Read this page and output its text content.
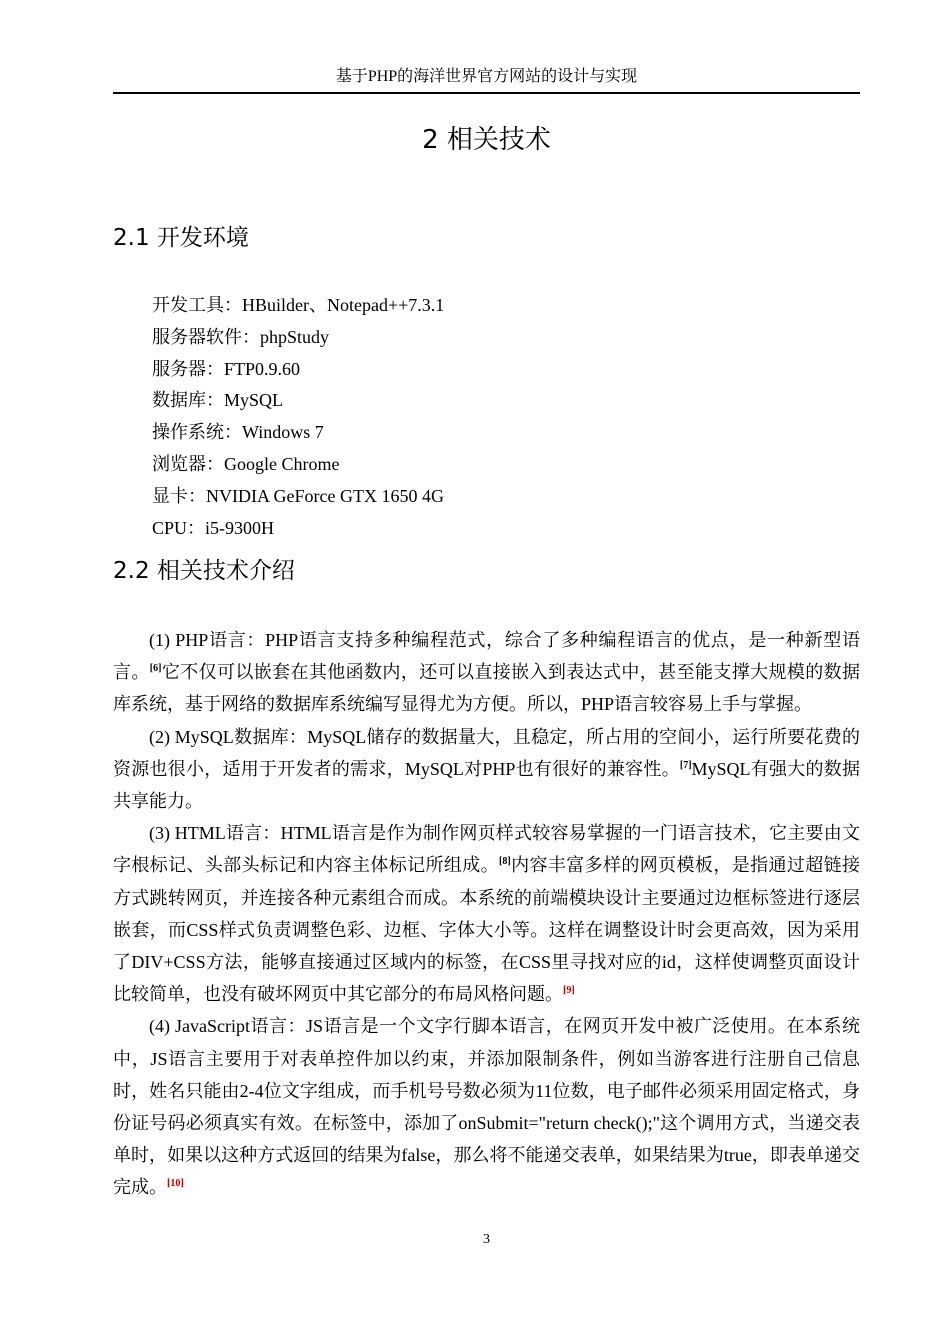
基于PHP的海洋世界官方网站的设计与实现
2 相关技术
2.1 开发环境
开发工具：HBuilder、Notepad++7.3.1
服务器软件：phpStudy
服务器：FTP0.9.60
数据库：MySQL
操作系统：Windows 7
浏览器：Google Chrome
显卡：NVIDIA GeForce GTX 1650 4G
CPU：i5-9300H
2.2 相关技术介绍

(1) PHP语言：PHP语言支持多种编程范式，综合了多种编程语言的优点，是一种新型语言。[6]它不仅可以嵌套在其他函数内，还可以直接嵌入到表达式中，甚至能支撑大规模的数据库系统，基于网络的数据库系统编写显得尤为方便。所以，PHP语言较容易上手与掌握。

(2) MySQL数据库：MySQL储存的数据量大，且稳定，所占用的空间小，运行所要花费的资源也很小，适用于开发者的需求，MySQL对PHP也有很好的兼容性。[7]MySQL有强大的数据共享能力。

(3) HTML语言：HTML语言是作为制作网页样式较容易掌握的一门语言技术，它主要由文字根标记、头部头标记和内容主体标记所组成。[8]内容丰富多样的网页模板，是指通过超链接方式跳转网页，并连接各种元素组合而成。本系统的前端模块设计主要通过边框标签进行逐层嵌套，而CSS样式负责调整色彩、边框、字体大小等。这样在调整设计时会更高效，因为采用了DIV+CSS方法，能够直接通过区域内的标签，在CSS里寻找对应的id，这样使调整页面设计比较简单，也没有破坏网页中其它部分的布局风格问题。[9]

(4) JavaScript语言：JS语言是一个文字行脚本语言，在网页开发中被广泛使用。在本系统中，JS语言主要用于对表单控件加以约束，并添加限制条件，例如当游客进行注册自己信息时，姓名只能由2-4位文字组成，而手机号号数必须为11位数，电子邮件必须采用固定格式，身份证号码必须真实有效。在标签中，添加了onSubmit="return check();"这个调用方式，当递交表单时，如果以这种方式返回的结果为false，那么将不能递交表单，如果结果为true，即表单递交完成。[10]

3
